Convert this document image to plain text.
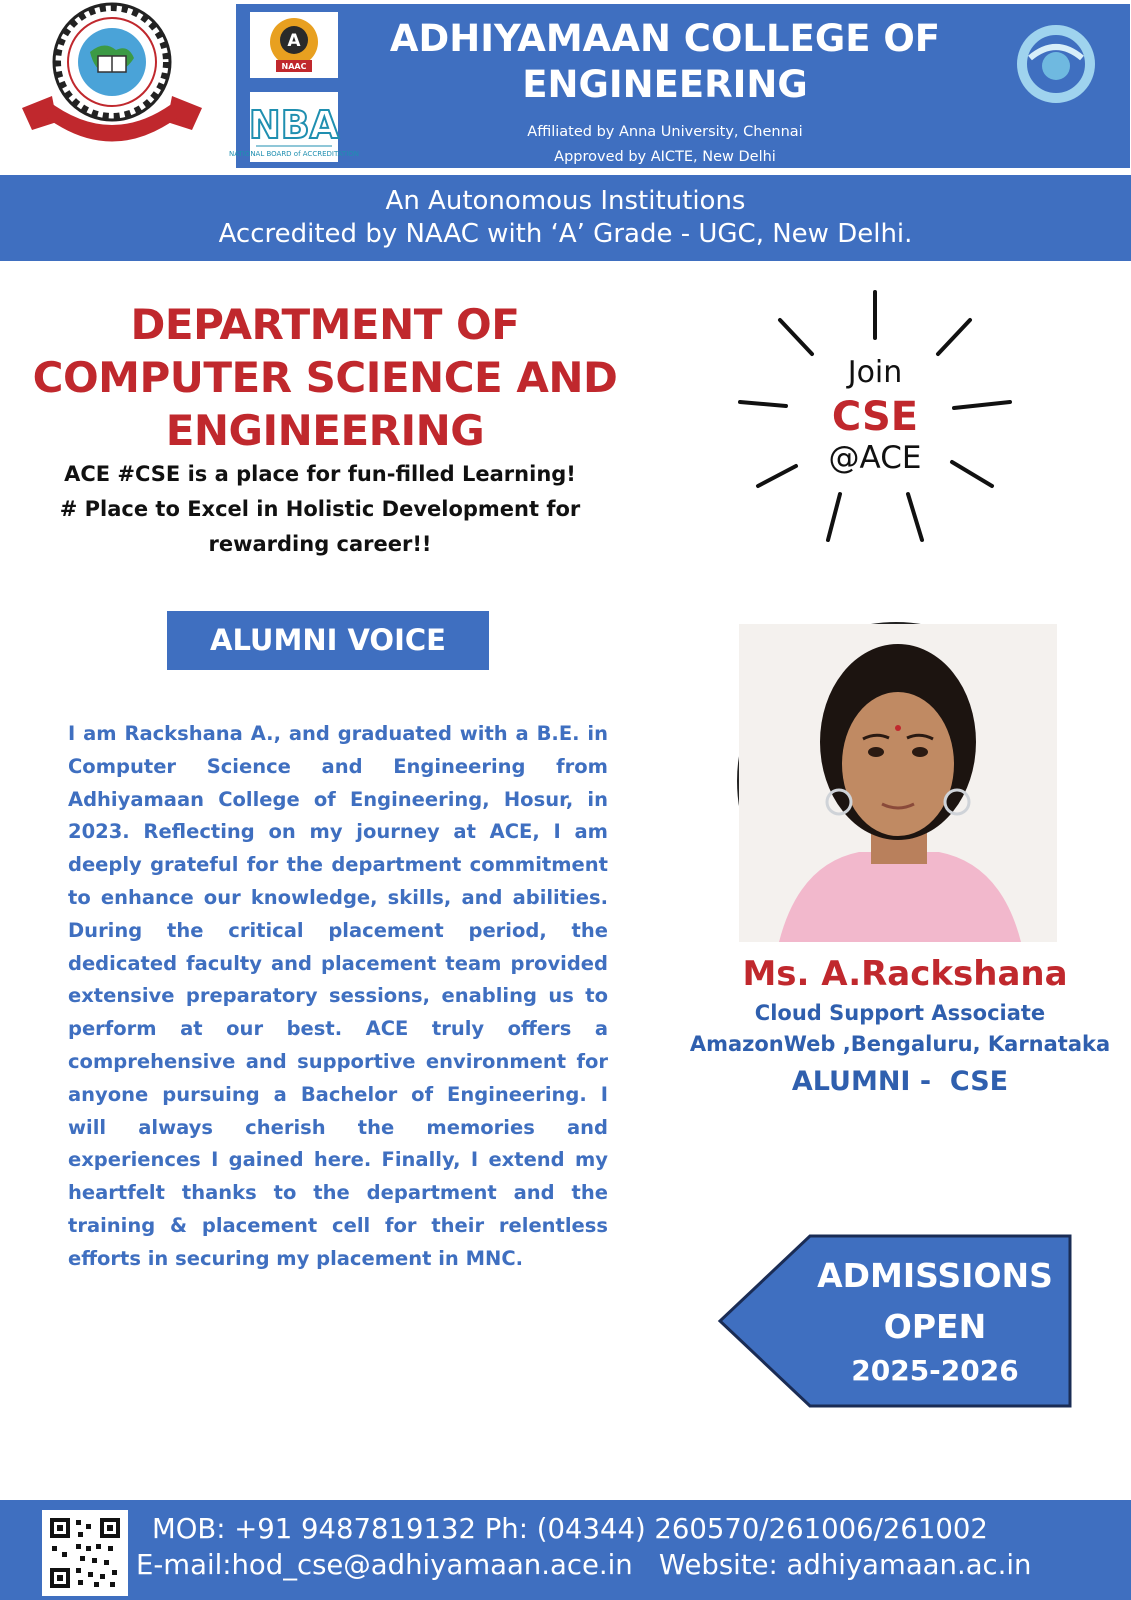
A
NAAC
NBA
NATIONAL BOARD of ACCREDITATION
ADHIYAMAAN COLLEGE OF ENGINEERING
Affiliated by Anna University, Chennai
Approved by AICTE, New Delhi
An Autonomous Institutions
Accredited by NAAC with ‘A’ Grade - UGC, New Delhi.
DEPARTMENT OF COMPUTER SCIENCE AND ENGINEERING
ACE #CSE is a place for fun-filled Learning!
# Place to Excel in Holistic Development for rewarding career!!
Join
CSE
@ACE
ALUMNI VOICE
I am Rackshana A., and graduated with a B.E. in Computer Science and Engineering from Adhiyamaan College of Engineering, Hosur, in 2023. Reflecting on my journey at ACE, I am deeply grateful for the department commitment to enhance our knowledge, skills, and abilities. During the critical placement period, the dedicated faculty and placement team provided extensive preparatory sessions, enabling us to perform at our best. ACE truly offers a comprehensive and supportive environment for anyone pursuing a Bachelor of Engineering. I will always cherish the memories and experiences I gained here. Finally, I extend my heartfelt thanks to the department and the training & placement cell for their relentless efforts in securing my placement in MNC.
Ms. A.Rackshana
Cloud Support Associate
AmazonWeb ,Bengaluru, Karnataka
ALUMNI -  CSE
ADMISSIONS
OPEN
2025-2026
MOB: +91 9487819132 Ph: (04344) 260570/261006/261002
E-mail:hod_cse@adhiyamaan.ace.in   Website: adhiyamaan.ac.in
